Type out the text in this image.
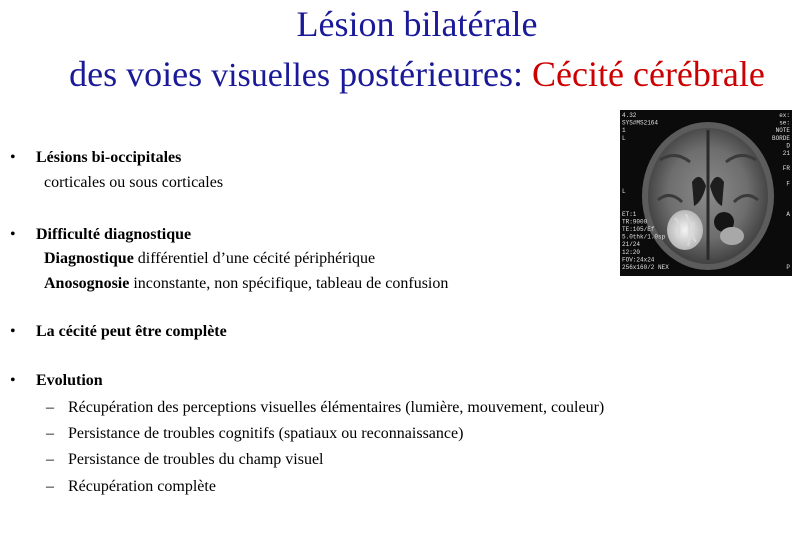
Lésion bilatérale
des voies visuelles postérieures: Cécité cérébrale
• Lésions bi-occipitales
corticales ou sous corticales
• Difficulté diagnostique
Diagnostique différentiel d’une cécité périphérique
Anosognosie inconstante, non spécifique, tableau de confusion
• La cécité peut être complète
• Evolution
– Récupération des perceptions visuelles élémentaires (lumière, mouvement, couleur)
– Persistance de troubles cognitifs (spatiaux ou reconnaissance)
– Persistance de troubles du champ visuel
– Récupération complète
4.32
SYS#MS2164
1
L
L
ET:1
TR:9000
TE:105/Ef
5.0thk/1.0sp
21/24
12:20
FOV:24x24
256x160/2 NEX
ex:
se:
NOTE
BORDE
D
21
FR
F
A
P
